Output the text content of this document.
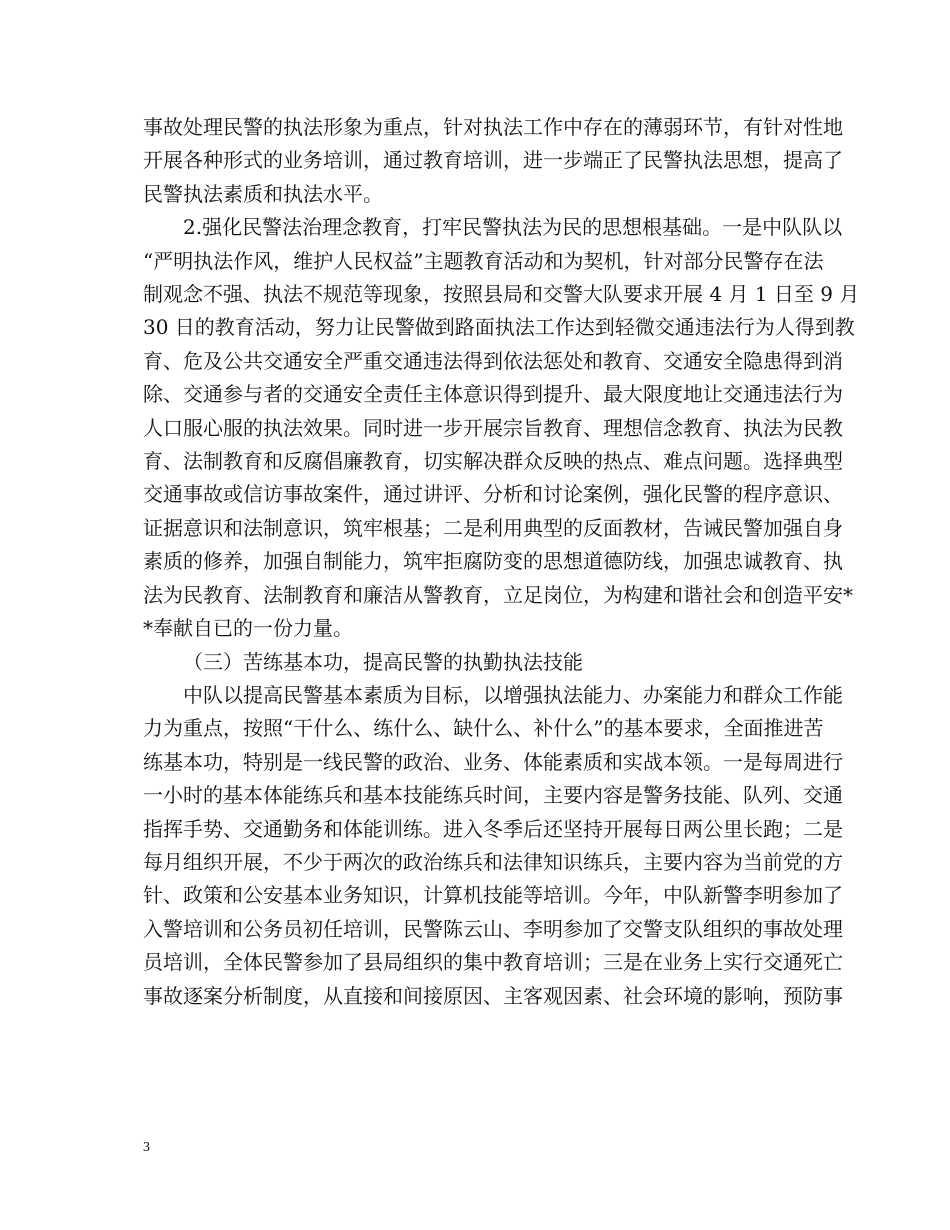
事故处理民警的执法形象为重点，针对执法工作中存在的薄弱环节，有针对性地
开展各种形式的业务培训，通过教育培训，进一步端正了民警执法思想，提高了
民警执法素质和执法水平。

2.强化民警法治理念教育，打牢民警执法为民的思想根基础。一是中队队以
“严明执法作风，维护人民权益”主题教育活动和为契机，针对部分民警存在法
制观念不强、执法不规范等现象，按照县局和交警大队要求开展 4 月 1 日至 9 月
30 日的教育活动，努力让民警做到路面执法工作达到轻微交通违法行为人得到教
育、危及公共交通安全严重交通违法得到依法惩处和教育、交通安全隐患得到消
除、交通参与者的交通安全责任主体意识得到提升、最大限度地让交通违法行为
人口服心服的执法效果。同时进一步开展宗旨教育、理想信念教育、执法为民教
育、法制教育和反腐倡廉教育，切实解决群众反映的热点、难点问题。选择典型
交通事故或信访事故案件，通过讲评、分析和讨论案例，强化民警的程序意识、
证据意识和法制意识，筑牢根基；二是利用典型的反面教材，告诫民警加强自身
素质的修养，加强自制能力，筑牢拒腐防变的思想道德防线，加强忠诚教育、执
法为民教育、法制教育和廉洁从警教育，立足岗位，为构建和谐社会和创造平安*
*奉献自已的一份力量。

（三）苦练基本功，提高民警的执勤执法技能

中队以提高民警基本素质为目标，以增强执法能力、办案能力和群众工作能
力为重点，按照“干什么、练什么、缺什么、补什么”的基本要求，全面推进苦
练基本功，特别是一线民警的政治、业务、体能素质和实战本领。一是每周进行
一小时的基本体能练兵和基本技能练兵时间，主要内容是警务技能、队列、交通
指挥手势、交通勤务和体能训练。进入冬季后还坚持开展每日两公里长跑；二是
每月组织开展，不少于两次的政治练兵和法律知识练兵，主要内容为当前党的方
针、政策和公安基本业务知识，计算机技能等培训。今年，中队新警李明参加了
入警培训和公务员初任培训，民警陈云山、李明参加了交警支队组织的事故处理
员培训，全体民警参加了县局组织的集中教育培训；三是在业务上实行交通死亡
事故逐案分析制度，从直接和间接原因、主客观因素、社会环境的影响，预防事

3
